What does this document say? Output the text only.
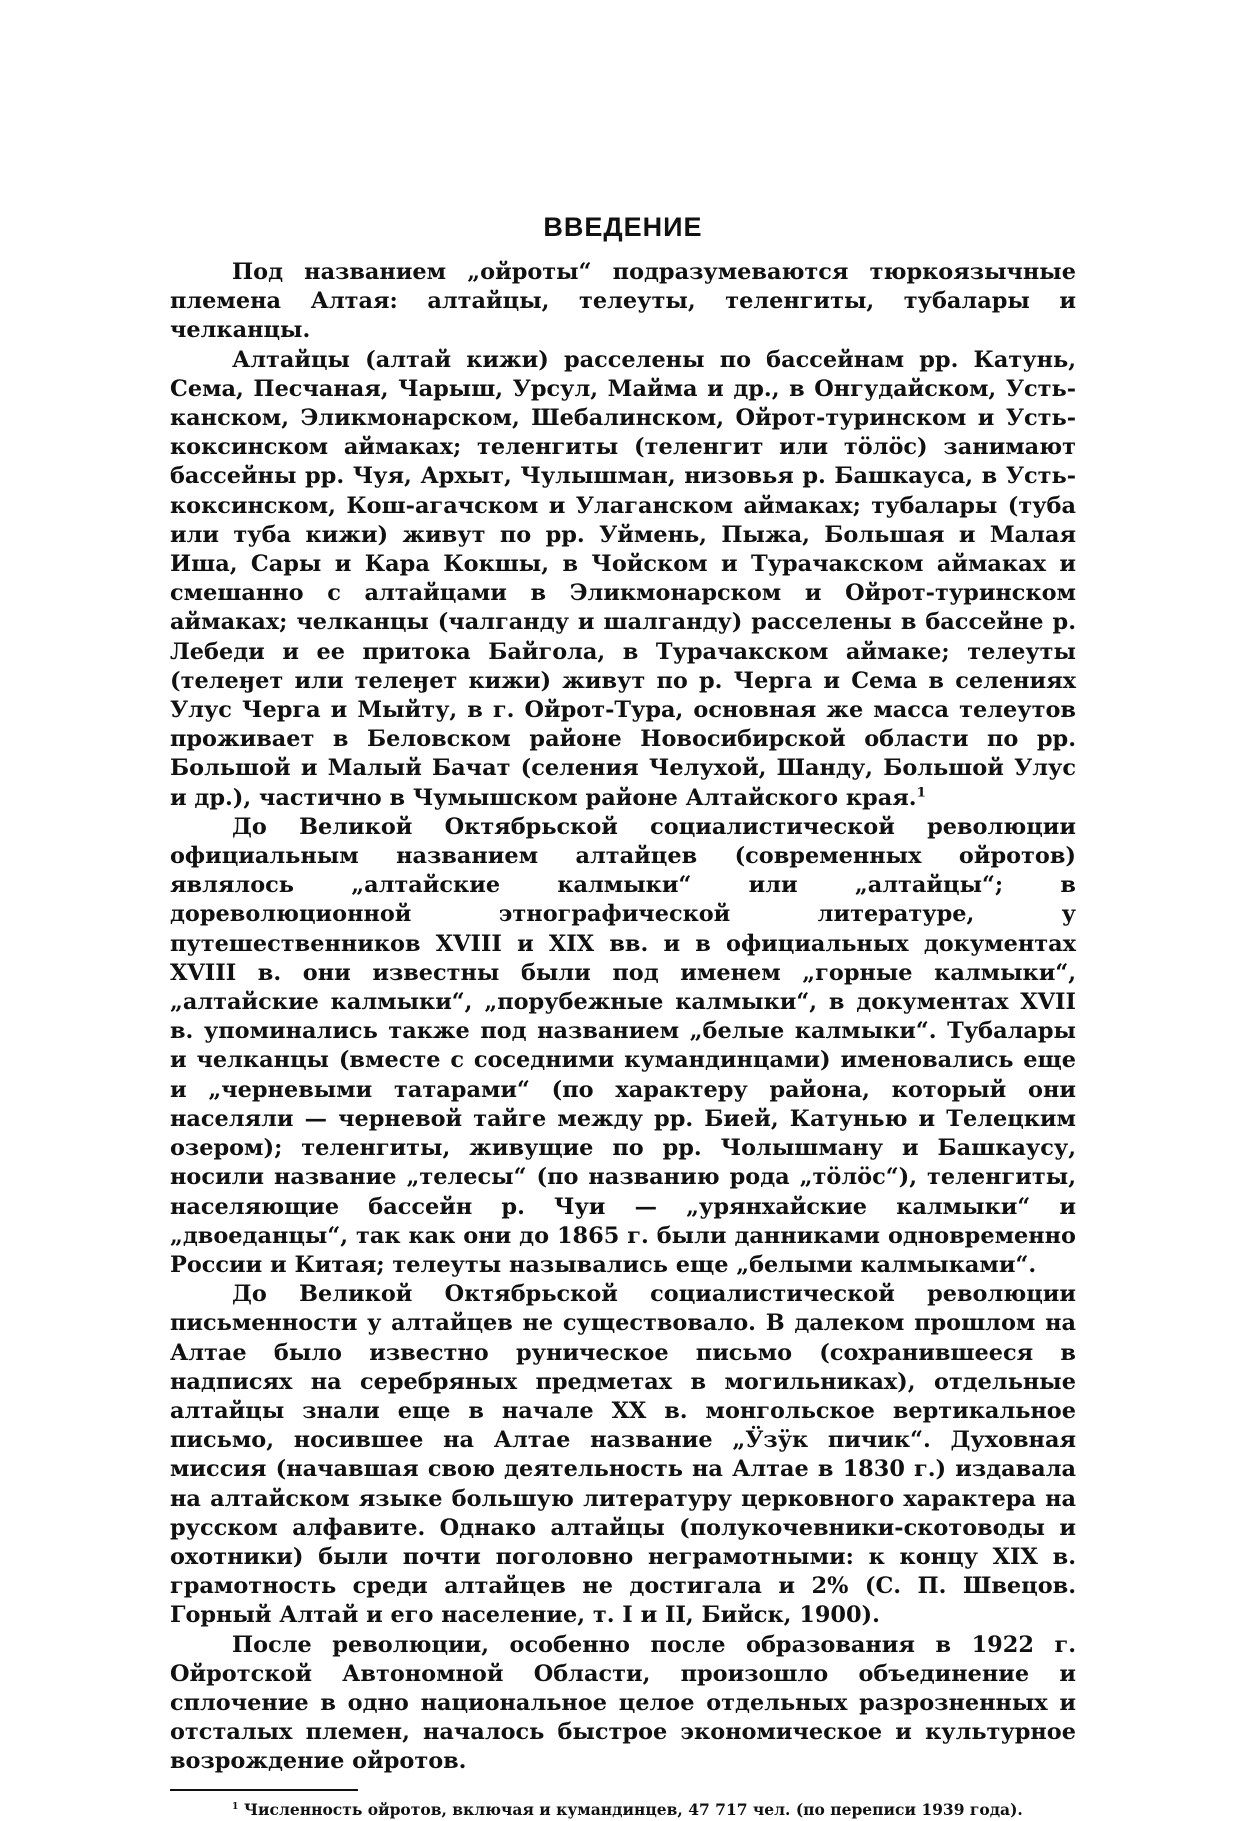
ВВЕДЕНИЕ

Под названием „ойроты“ подразумеваются тюркоязычные племена Алтая: алтайцы, телеуты, теленгиты, тубалары и челканцы.

Алтайцы (алтай кижи) расселены по бассейнам рр. Катунь, Сема, Песчаная, Чарыш, Урсул, Майма и др., в Онгудайском, Усть-канском, Эликмонарском, Шебалинском, Ойрот-туринском и Усть-коксинском аймаках; теленгиты (теленгит или тöлöс) занимают бассейны рр. Чуя, Архыт, Чулышман, низовья р. Башкауса, в Усть-коксинском, Кош-агачском и Улаганском аймаках; тубалары (туба или туба кижи) живут по рр. Уймень, Пыжа, Большая и Малая Иша, Сары и Кара Кокшы, в Чойском и Турачакском аймаках и смешанно с алтайцами в Эликмонарском и Ойрот-туринском аймаках; челканцы (чалганду и шалганду) расселены в бассейне р. Лебеди и ее притока Байгола, в Турачакском аймаке; телеуты (телеӈет или телеӈет кижи) живут по р. Черга и Сема в селениях Улус Черга и Мыйту, в г. Ойрот-Тура, основная же масса телеутов проживает в Беловском районе Новосибирской области по рр. Большой и Малый Бачат (селения Челухой, Шанду, Большой Улус и др.), частично в Чумышском районе Алтайского края.$^1$

До Великой Октябрьской социалистической революции официальным названием алтайцев (современных ойротов) являлось „алтайские калмыки“ или „алтайцы“; в дореволюционной этнографической литературе, у путешественников XVIII и XIX вв. и в официальных документах XVIII в. они известны были под именем „горные калмыки“, „алтайские калмыки“, „порубежные калмыки“, в документах XVII в. упоминались также под названием „белые калмыки“. Тубалары и челканцы (вместе с соседними кумандинцами) именовались еще и „черневыми татарами“ (по характеру района, который они населяли — черневой тайге между рр. Бией, Катунью и Телецким озером); теленгиты, живущие по рр. Чолышману и Башкаусу, носили название „телесы“ (по названию рода „тöлöс“), теленгиты, населяющие бассейн р. Чуи — „урянхайские калмыки“ и „двоеданцы“, так как они до 1865 г. были данниками одновременно России и Китая; телеуты назывались еще „белыми калмыками“.

До Великой Октябрьской социалистической революции письменности у алтайцев не существовало. В далеком прошлом на Алтае было известно руническое письмо (сохранившееся в надписях на серебряных предметах в могильниках), отдельные алтайцы знали еще в начале XX в. монгольское вертикальное письмо, носившее на Алтае название „Ӱзӱк пичик“. Духовная миссия (начавшая свою деятельность на Алтае в 1830 г.) издавала на алтайском языке большую литературу церковного характера на русском алфавите. Однако алтайцы (полукочевники-скотоводы и охотники) были почти поголовно неграмотными: к концу XIX в. грамотность среди алтайцев не достигала и 2% (С. П. Швецов. Горный Алтай и его население, т. I и II, Бийск, 1900).

После революции, особенно после образования в 1922 г. Ойротской Автономной Области, произошло объединение и сплочение в одно национальное целое отдельных разрозненных и отсталых племен, началось быстрое экономическое и культурное возрождение ойротов.

$^1$ Численность ойротов, включая и кумандинцев, 47 717 чел. (по переписи 1939 года).
